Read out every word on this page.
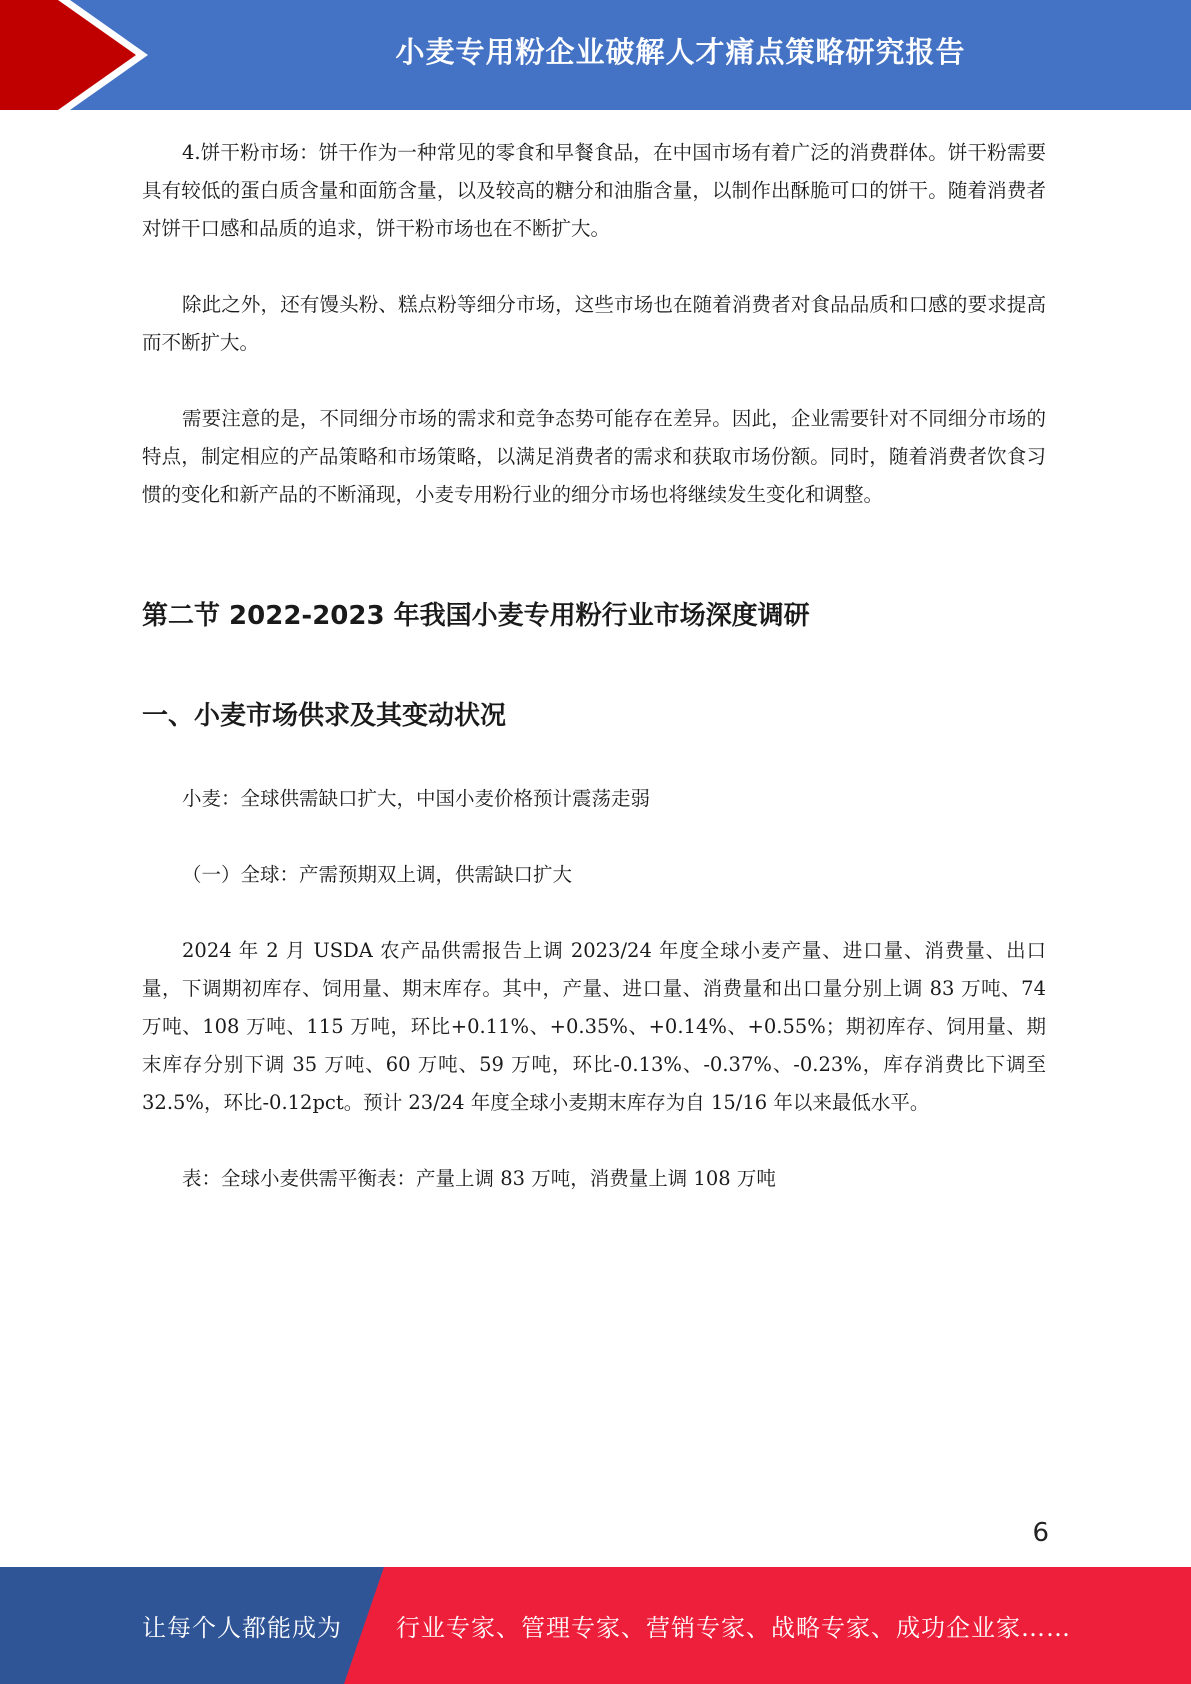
小麦专用粉企业破解人才痛点策略研究报告

4.饼干粉市场：饼干作为一种常见的零食和早餐食品，在中国市场有着广泛的消费群体。饼干粉需要具有较低的蛋白质含量和面筋含量，以及较高的糖分和油脂含量，以制作出酥脆可口的饼干。随着消费者对饼干口感和品质的追求，饼干粉市场也在不断扩大。

除此之外，还有馒头粉、糕点粉等细分市场，这些市场也在随着消费者对食品品质和口感的要求提高而不断扩大。

需要注意的是，不同细分市场的需求和竞争态势可能存在差异。因此，企业需要针对不同细分市场的特点，制定相应的产品策略和市场策略，以满足消费者的需求和获取市场份额。同时，随着消费者饮食习惯的变化和新产品的不断涌现，小麦专用粉行业的细分市场也将继续发生变化和调整。

第二节 2022-2023 年我国小麦专用粉行业市场深度调研
一、小麦市场供求及其变动状况

小麦：全球供需缺口扩大，中国小麦价格预计震荡走弱

（一）全球：产需预期双上调，供需缺口扩大

2024 年 2 月 USDA 农产品供需报告上调 2023/24 年度全球小麦产量、进口量、消费量、出口量，下调期初库存、饲用量、期末库存。其中，产量、进口量、消费量和出口量分别上调 83 万吨、74 万吨、108 万吨、115 万吨，环比+0.11%、+0.35%、+0.14%、+0.55%；期初库存、饲用量、期末库存分别下调 35 万吨、60 万吨、59 万吨，环比-0.13%、-0.37%、-0.23%，库存消费比下调至32.5%，环比-0.12pct。预计 23/24 年度全球小麦期末库存为自 15/16 年以来最低水平。

表：全球小麦供需平衡表：产量上调 83 万吨，消费量上调 108 万吨

6
让每个人都能成为 行业专家、管理专家、营销专家、战略专家、成功企业家……
